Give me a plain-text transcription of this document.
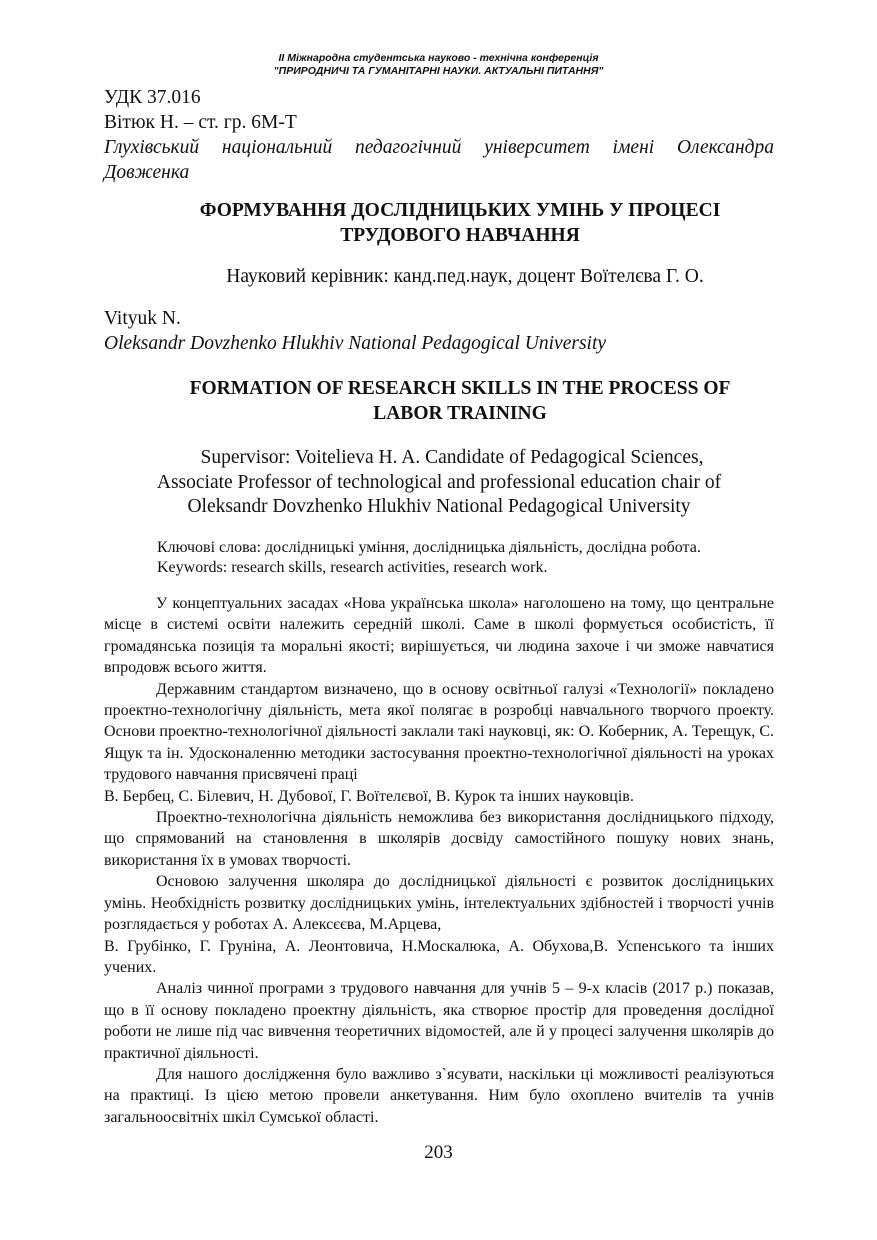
II Міжнародна студентська науково - технічна конференція
"ПРИРОДНИЧІ ТА ГУМАНІТАРНІ НАУКИ. АКТУАЛЬНІ ПИТАННЯ"
УДК 37.016
Вітюк Н. – ст. гр. 6М-Т
Глухівський національний педагогічний університет імені Олександра Довженка
ФОРМУВАННЯ ДОСЛІДНИЦЬКИХ УМІНЬ У ПРОЦЕСІ
ТРУДОВОГО НАВЧАННЯ
Науковий керівник: канд.пед.наук, доцент Воїтелєва Г. О.
Vityuk N.
Oleksandr Dovzhenko Hlukhiv National Pedagogical University
FORMATION OF RESEARCH SKILLS IN THE PROCESS OF
LABOR TRAINING
Supervisor: Voitelieva H. A. Candidate of Pedagogical Sciences,
Associate Professor of technological and professional education chair of
Oleksandr Dovzhenko Hlukhiv National Pedagogical University
Ключові слова: дослідницькі уміння, дослідницька діяльність, дослідна робота.
Keywords: research skills, research activities, research work.

У концептуальних засадах «Нова українська школа» наголошено на тому, що центральне місце в системі освіти належить середній школі. Саме в школі формується особистість, її громадянська позиція та моральні якості; вирішується, чи людина захоче і чи зможе навчатися впродовж всього життя.

Державним стандартом визначено, що в основу освітньої галузі «Технології» покладено проектно-технологічну діяльність, мета якої полягає в розробці навчального творчого проекту. Основи проектно-технологічної діяльності заклали такі науковці, як: О. Коберник, А. Терещук, С. Ящук та ін. Удосконаленню методики застосування проектно-технологічної діяльності на уроках трудового навчання присвячені праці

В. Бербец, С. Білевич, Н. Дубової, Г. Воїтелєвої, В. Курок та інших науковців.

Проектно-технологічна діяльність неможлива без використання дослідницького підходу, що спрямований на становлення в школярів досвіду самостійного пошуку нових знань, використання їх в умовах творчості.

Основою залучення школяра до дослідницької діяльності є розвиток дослідницьких умінь. Необхідність розвитку дослідницьких умінь, інтелектуальних здібностей і творчості учнів розглядається у роботах А. Алексєєва, М.Арцева,

В. Грубінко, Г. Груніна, А. Леонтовича, Н.Москалюка, А. Обухова,В. Успенського та інших учених.

Аналіз чинної програми з трудового навчання для учнів 5 – 9-х класів (2017 р.) показав, що в її основу покладено проектну діяльність, яка створює простір для проведення дослідної роботи не лише під час вивчення теоретичних відомостей, але й у процесі залучення школярів до практичної діяльності.

Для нашого дослідження було важливо з`ясувати, наскільки ці можливості реалізуються на практиці. Із цією метою провели анкетування. Ним було охоплено вчителів та учнів загальноосвітніх шкіл Сумської області.

203
